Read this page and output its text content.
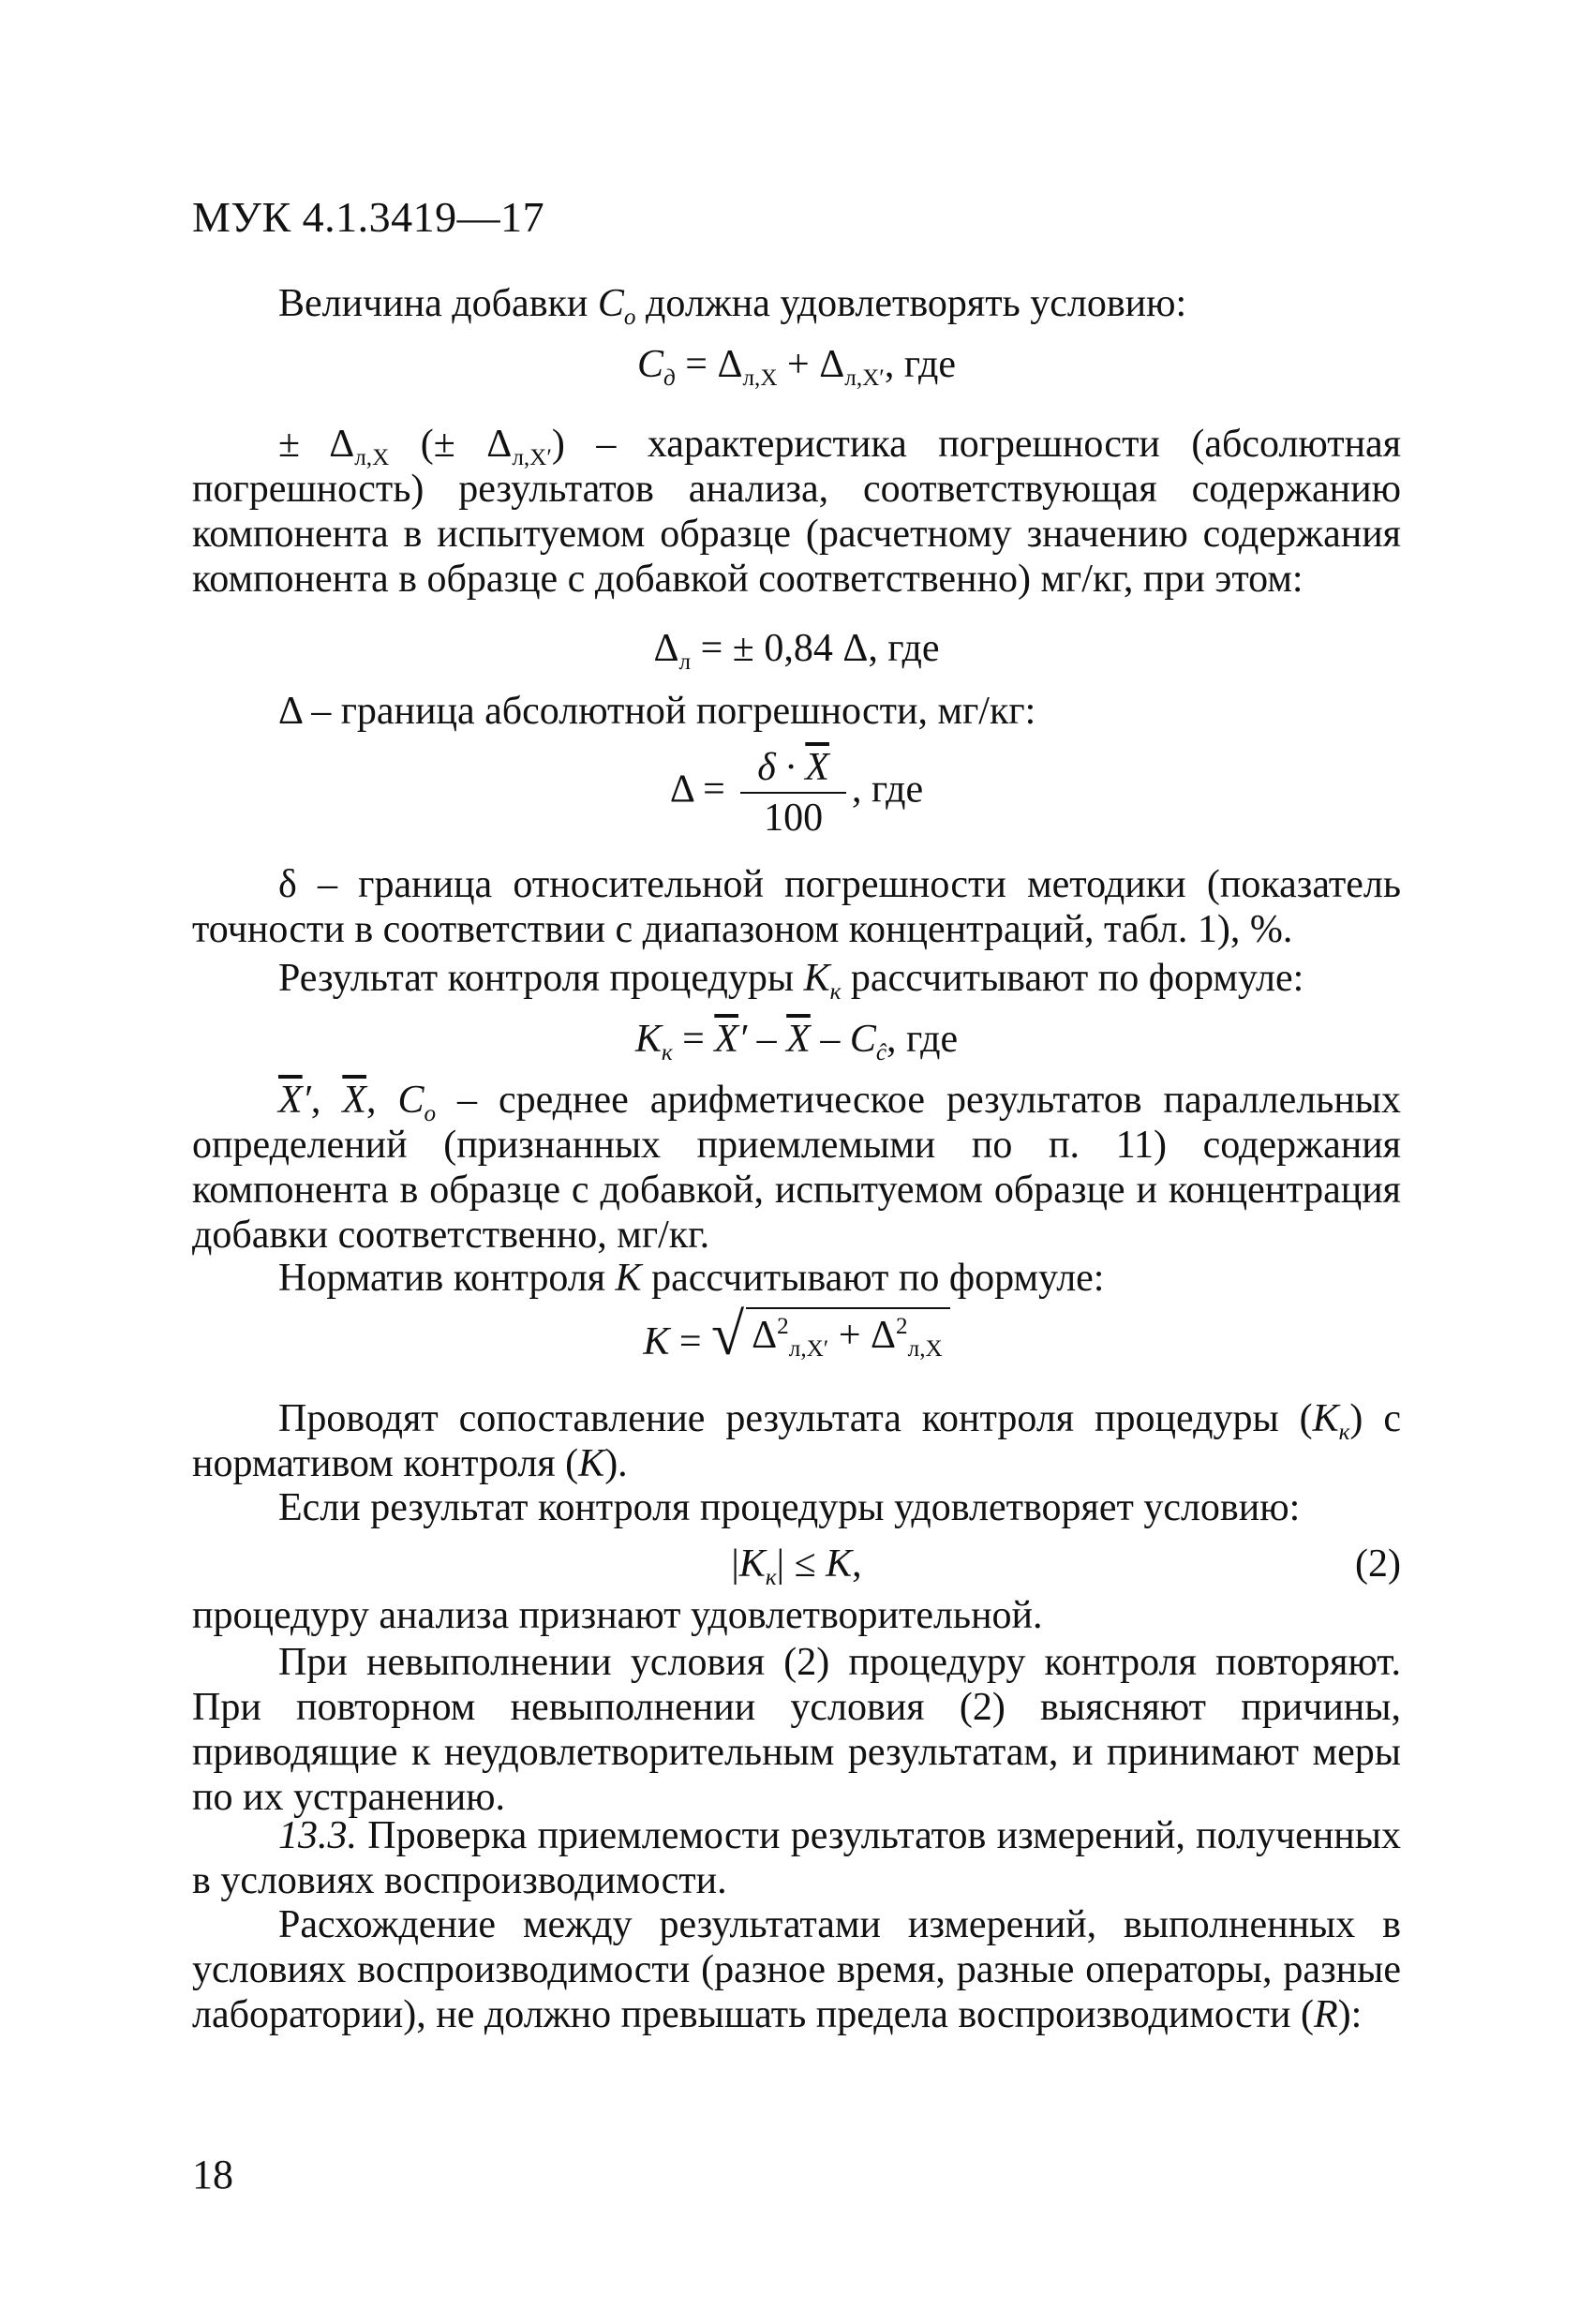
МУК 4.1.3419—17
Величина добавки $C_o$ должна удовлетворять условию:
$C_д = \Delta_{л,X} + \Delta_{л,X'}$, где
± $\Delta_{л,X}$ (± $\Delta_{л,X'}$) – характеристика погрешности (абсолютная погрешность) результатов анализа, соответствующая содержанию компонента в испытуемом образце (расчетному значению содержания компонента в образце с добавкой соответственно) мг/кг, при этом:
$\Delta_л$ = ± 0,84 Δ, где
Δ – граница абсолютной погрешности, мг/кг:
$\Delta = \frac{\delta \cdot \overline{X}}{100}$ , где
δ – граница относительной погрешности методики (показатель точности в соответствии с диапазоном концентраций, табл. 1), %.
Результат контроля процедуры $K_к$ рассчитывают по формуле:
$K_к = \overline{X}' - \overline{X} - C_ĉ$, где
$\overline{X}'$, $\overline{X}$, $C_o$ – среднее арифметическое результатов параллельных определений (признанных приемлемыми по п. 11) содержания компонента в образце с добавкой, испытуемом образце и концентрация добавки соответственно, мг/кг.
Норматив контроля K рассчитывают по формуле:
K = √ $\Delta^2_{л,X'} + \Delta^2_{л,X}$
Проводят сопоставление результата контроля процедуры $(K_к)$ с нормативом контроля (K).
Если результат контроля процедуры удовлетворяет условию:
$|K_к| \le K$,	(2)
процедуру анализа признают удовлетворительной.
При невыполнении условия (2) процедуру контроля повторяют. При повторном невыполнении условия (2) выясняют причины, приводящие к неудовлетворительным результатам, и принимают меры по их устранению.
13.3. Проверка приемлемости результатов измерений, полученных в условиях воспроизводимости.
Расхождение между результатами измерений, выполненных в условиях воспроизводимости (разное время, разные операторы, разные лаборатории), не должно превышать предела воспроизводимости (R):
18
